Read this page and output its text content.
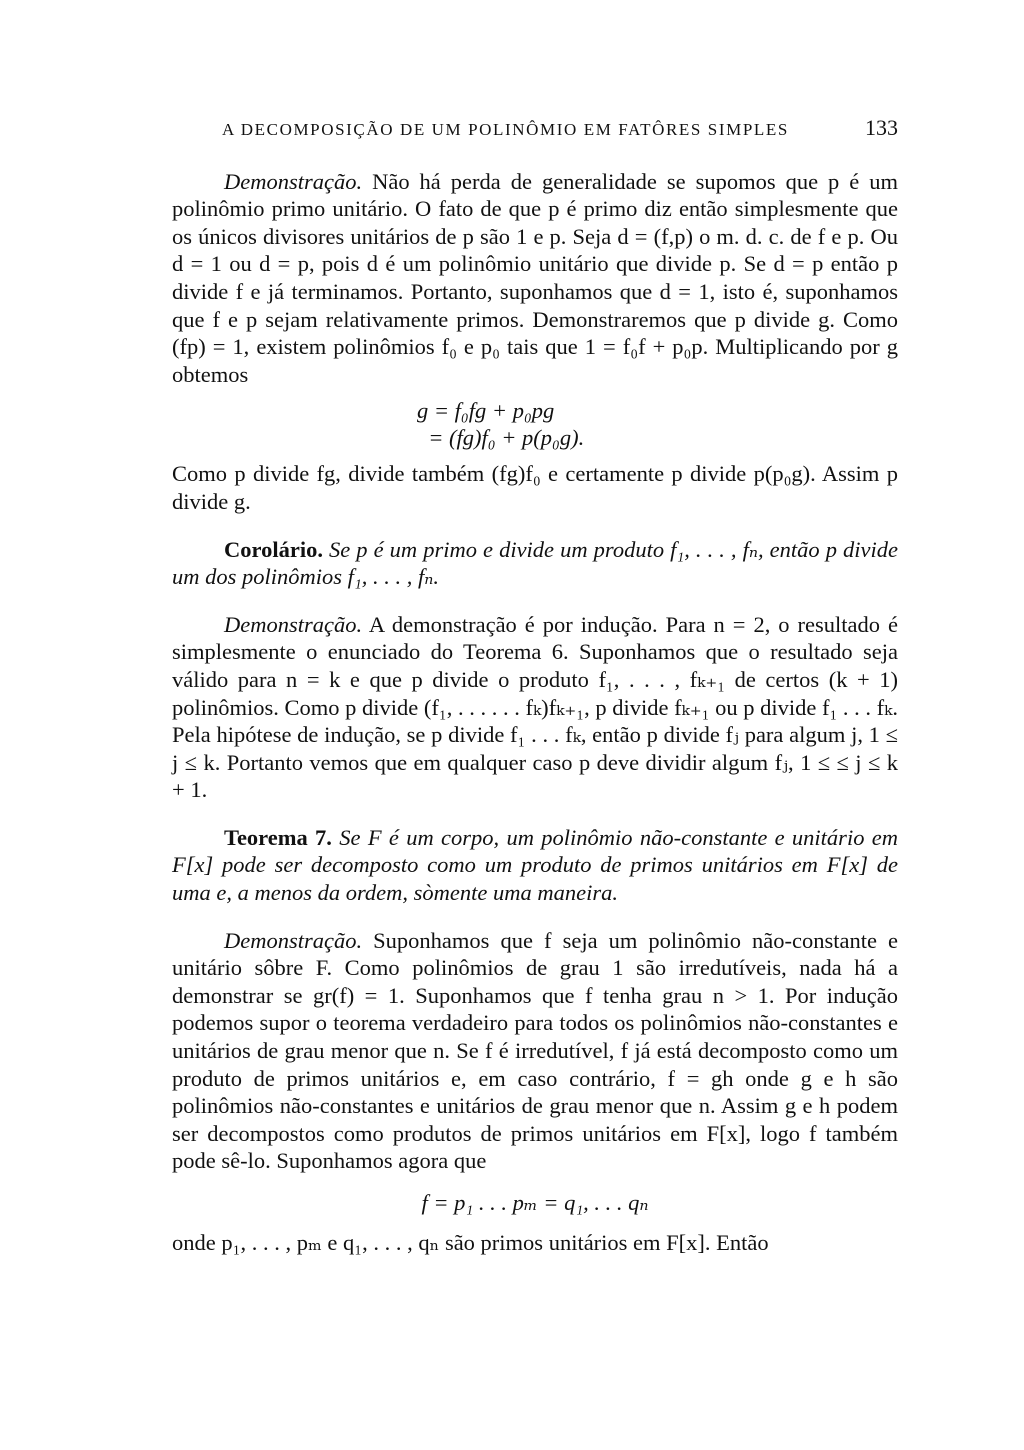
A DECOMPOSIÇÃO DE UM POLINÔMIO EM FATÔRES SIMPLES	133

Demonstração. Não há perda de generalidade se supomos que p é um polinômio primo unitário. O fato de que p é primo diz então simplesmente que os únicos divisores unitários de p são 1 e p. Seja d = (f,p) o m. d. c. de f e p. Ou d = 1 ou d = p, pois d é um polinômio unitário que divide p. Se d = p então p divide f e já terminamos. Portanto, suponhamos que d = 1, isto é, suponhamos que f e p sejam relativamente primos. Demonstraremos que p divide g. Como (fp) = 1, existem polinômios f₀ e p₀ tais que 1 = f₀f + p₀p. Multiplicando por g obtemos

g = f₀fg + p₀pg
= (fg)f₀ + p(p₀g).

Como p divide fg, divide também (fg)f₀ e certamente p divide p(p₀g). Assim p divide g.

Corolário. Se p é um primo e divide um produto f₁, . . . , fₙ, então p divide um dos polinômios f₁, . . . , fₙ.

Demonstração. A demonstração é por indução. Para n = 2, o resultado é simplesmente o enunciado do Teorema 6. Suponhamos que o resultado seja válido para n = k e que p divide o produto f₁, . . . , fₖ₊₁ de certos (k + 1) polinômios. Como p divide (f₁, . . . . . . fₖ)fₖ₊₁, p divide fₖ₊₁ ou p divide f₁ . . . fₖ. Pela hipótese de indução, se p divide f₁ . . . fₖ, então p divide fⱼ para algum j, 1 ≤ j ≤ k. Portanto vemos que em qualquer caso p deve dividir algum fⱼ, 1 ≤ ≤ j ≤ k + 1.

Teorema 7. Se F é um corpo, um polinômio não-constante e unitário em F[x] pode ser decomposto como um produto de primos unitários em F[x] de uma e, a menos da ordem, sòmente uma maneira.

Demonstração. Suponhamos que f seja um polinômio não-constante e unitário sôbre F. Como polinômios de grau 1 são irredutíveis, nada há a demonstrar se gr(f) = 1. Suponhamos que f tenha grau n > 1. Por indução podemos supor o teorema verdadeiro para todos os polinômios não-constantes e unitários de grau menor que n. Se f é irredutível, f já está decomposto como um produto de primos unitários e, em caso contrário, f = gh onde g e h são polinômios não-constantes e unitários de grau menor que n. Assim g e h podem ser decompostos como produtos de primos unitários em F[x], logo f também pode sê-lo. Suponhamos agora que

f = p₁ . . . pₘ = q₁, . . . qₙ

onde p₁, . . . , pₘ e q₁, . . . , qₙ são primos unitários em F[x]. Então
